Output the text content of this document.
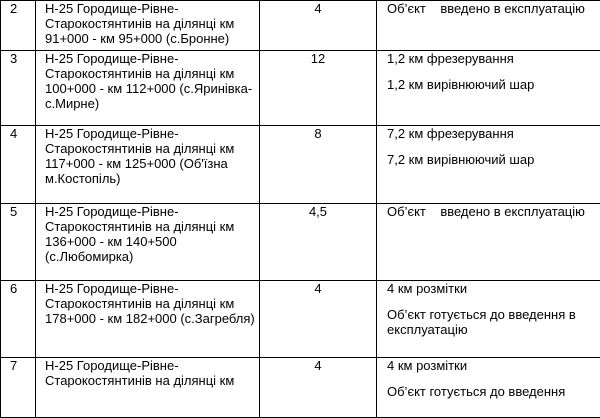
2	Н-25 Городище-Рівне-Старокостянтинів на ділянці км 91+000 - км 95+000 (с.Бронне)	4	Об’єкт    введено в експлуатацію

3	Н-25 Городище-Рівне-Старокостянтинів на ділянці км 100+000 - км 112+000 (с.Яринівка-с.Мирне)	12	1,2 км фрезерування
1,2 км вирівнюючий шар

4	Н-25 Городище-Рівне-Старокостянтинів на ділянці км 117+000 - км 125+000 (Об'їзна м.Костопіль)	8	7,2 км фрезерування
7,2 км вирівнюючий шар

5	Н-25 Городище-Рівне-Старокостянтинів на ділянці км 136+000 - км 140+500 (с.Любомирка)	4,5	Об’єкт    введено в експлуатацію

6	Н-25 Городище-Рівне-Старокостянтинів на ділянці км 178+000 - км 182+000 (с.Загребля)	4	4 км розмітки
Об’єкт готується до введення в експлуатацію

7	Н-25 Городище-Рівне-Старокостянтинів на ділянці км	4	4 км розмітки
Об’єкт готується до введення
